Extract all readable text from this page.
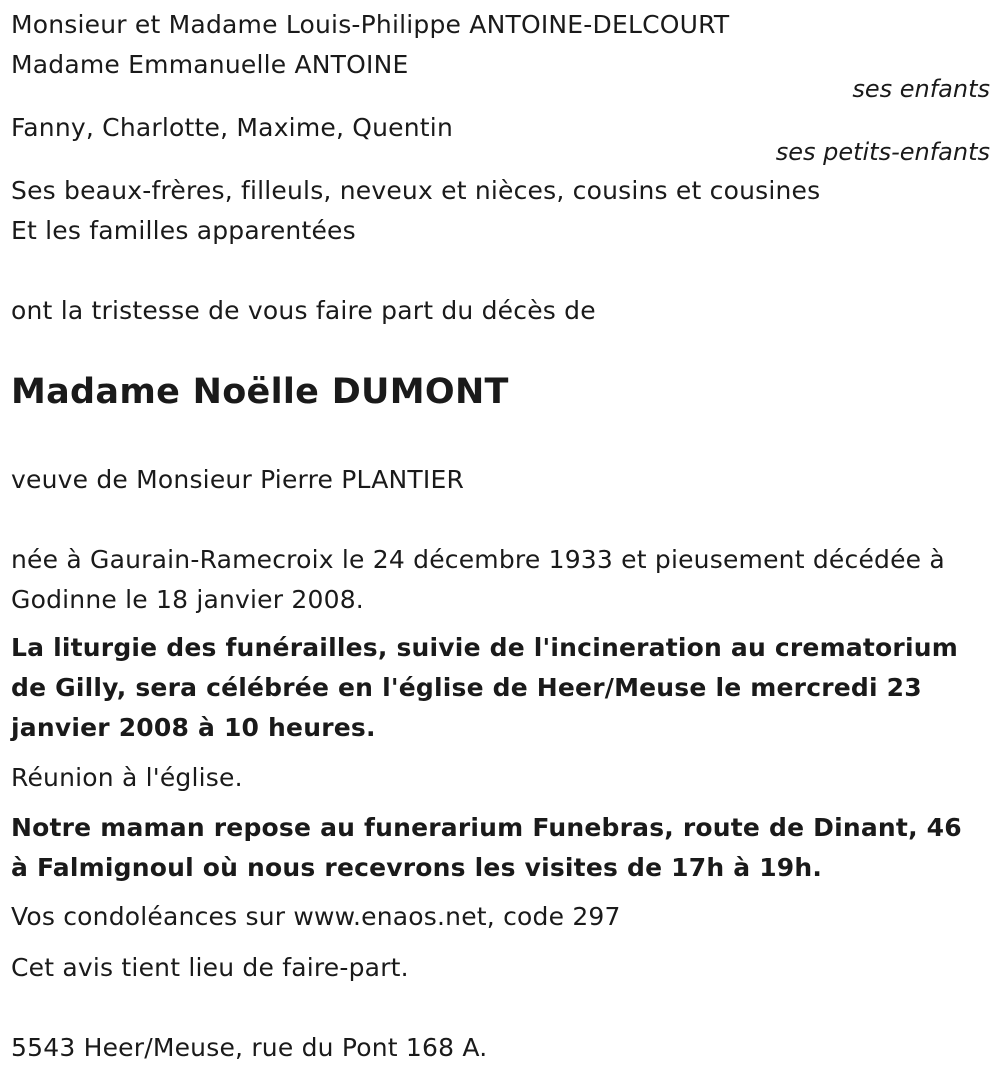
Monsieur et Madame Louis-Philippe ANTOINE-DELCOURT
Madame Emmanuelle ANTOINE
ses enfants
Fanny, Charlotte, Maxime, Quentin
ses petits-enfants
Ses beaux-frères, filleuls, neveux et nièces, cousins et cousines
Et les familles apparentées
ont la tristesse de vous faire part du décès de
Madame Noëlle DUMONT
veuve de Monsieur Pierre PLANTIER
née à Gaurain-Ramecroix le 24 décembre 1933 et pieusement décédée à Godinne le 18 janvier 2008.
La liturgie des funérailles, suivie de l'incineration au crematorium de Gilly, sera célébrée en l'église de Heer/Meuse le mercredi 23 janvier 2008 à 10 heures.
Réunion à l'église.
Notre maman repose au funerarium Funebras, route de Dinant, 46 à Falmignoul où nous recevrons les visites de 17h à 19h.
Vos condoléances sur www.enaos.net, code 297
Cet avis tient lieu de faire-part.
5543 Heer/Meuse, rue du Pont 168 A.
